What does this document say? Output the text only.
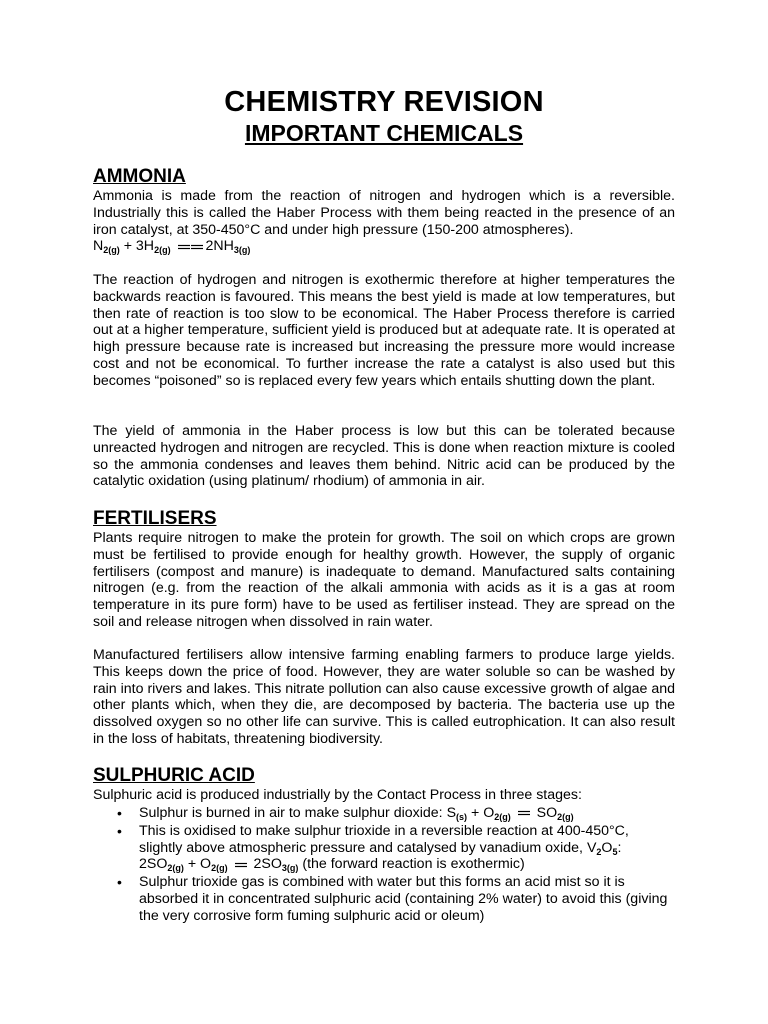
CHEMISTRY REVISION
IMPORTANT CHEMICALS
AMMONIA
Ammonia is made from the reaction of nitrogen and hydrogen which is a reversible. Industrially this is called the Haber Process with them being reacted in the presence of an iron catalyst, at 350-450°C and under high pressure (150-200 atmospheres).
$N_{2(g)} + 3H_{2(g)}$ $2NH_{3(g)}$
The reaction of hydrogen and nitrogen is exothermic therefore at higher temperatures the backwards reaction is favoured. This means the best yield is made at low temperatures, but then rate of reaction is too slow to be economical. The Haber Process therefore is carried out at a higher temperature, sufficient yield is produced but at adequate rate. It is operated at high pressure because rate is increased but increasing the pressure more would increase cost and not be economical. To further increase the rate a catalyst is also used but this becomes “poisoned” so is replaced every few years which entails shutting down the plant.
The yield of ammonia in the Haber process is low but this can be tolerated because unreacted hydrogen and nitrogen are recycled. This is done when reaction mixture is cooled so the ammonia condenses and leaves them behind. Nitric acid can be produced by the catalytic oxidation (using platinum/ rhodium) of ammonia in air.
FERTILISERS
Plants require nitrogen to make the protein for growth. The soil on which crops are grown must be fertilised to provide enough for healthy growth. However, the supply of organic fertilisers (compost and manure) is inadequate to demand. Manufactured salts containing nitrogen (e.g. from the reaction of the alkali ammonia with acids as it is a gas at room temperature in its pure form) have to be used as fertiliser instead. They are spread on the soil and release nitrogen when dissolved in rain water.
Manufactured fertilisers allow intensive farming enabling farmers to produce large yields. This keeps down the price of food. However, they are water soluble so can be washed by rain into rivers and lakes. This nitrate pollution can also cause excessive growth of algae and other plants which, when they die, are decomposed by bacteria. The bacteria use up the dissolved oxygen so no other life can survive. This is called eutrophication. It can also result in the loss of habitats, threatening biodiversity.
SULPHURIC ACID
Sulphuric acid is produced industrially by the Contact Process in three stages:
• Sulphur is burned in air to make sulphur dioxide: $S_{(s)} + O_{2(g)}$ $SO_{2(g)}$
• This is oxidised to make sulphur trioxide in a reversible reaction at 400-450°C, slightly above atmospheric pressure and catalysed by vanadium oxide, $V_2O_5$:
$2SO_{2(g)} + O_{2(g)}$ $2SO_{3(g)}$ (the forward reaction is exothermic)
• Sulphur trioxide gas is combined with water but this forms an acid mist so it is absorbed it in concentrated sulphuric acid (containing 2% water) to avoid this (giving the very corrosive form fuming sulphuric acid or oleum)
